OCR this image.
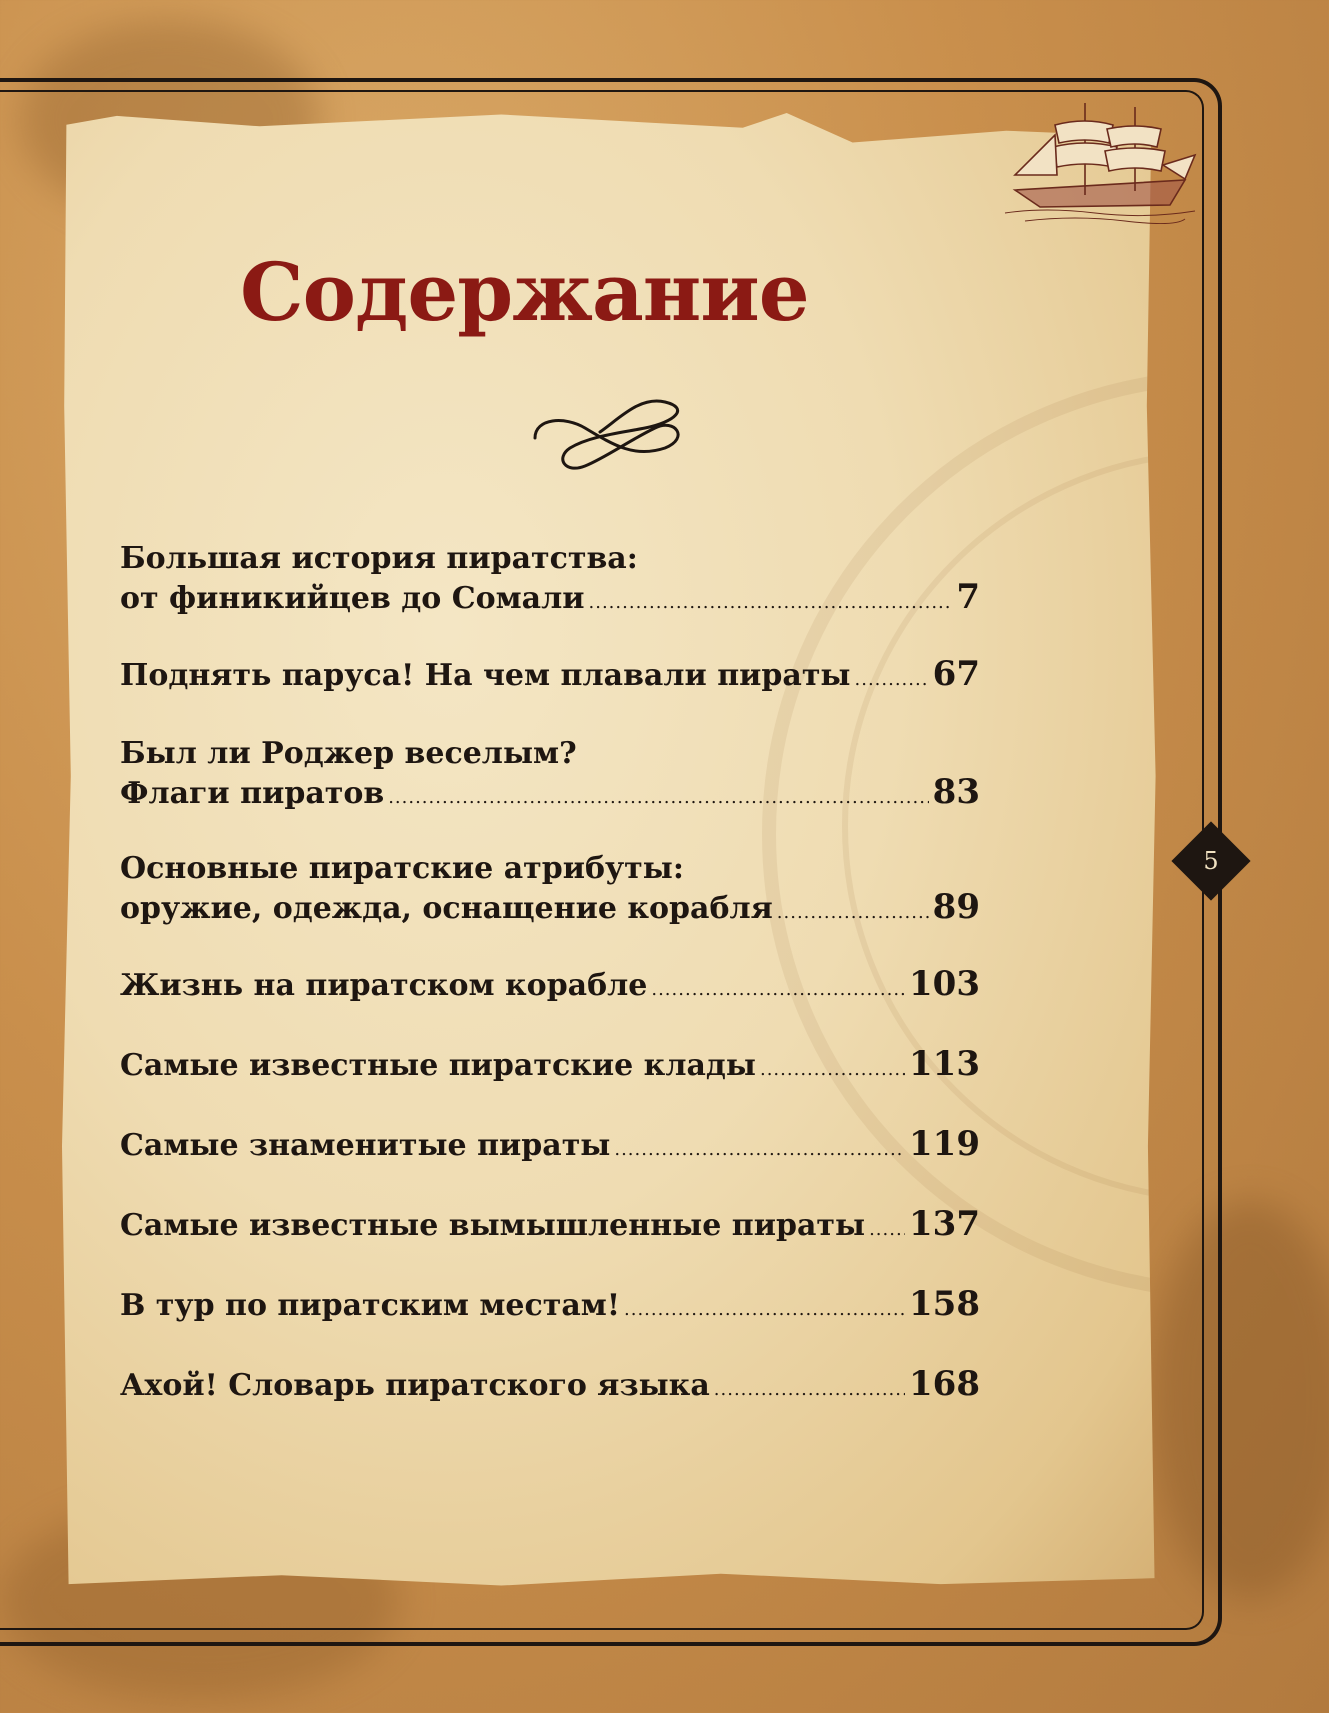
Содержание
Большая история пиратства:
от финикийцев до Сомали .....	7
Поднять паруса! На чем плавали пираты ..... 67
Был ли Роджер веселым?
Флаги пиратов .....	83
Основные пиратские атрибуты:
оружие, одежда, оснащение корабля .....	89
Жизнь на пиратском корабле .....	103
Самые известные пиратские клады .....	113
Самые знаменитые пираты .....	119
Самые известные вымышленные пираты ..... 137
В тур по пиратским местам! .....	158
Ахой! Словарь пиратского языка .....	168
5
